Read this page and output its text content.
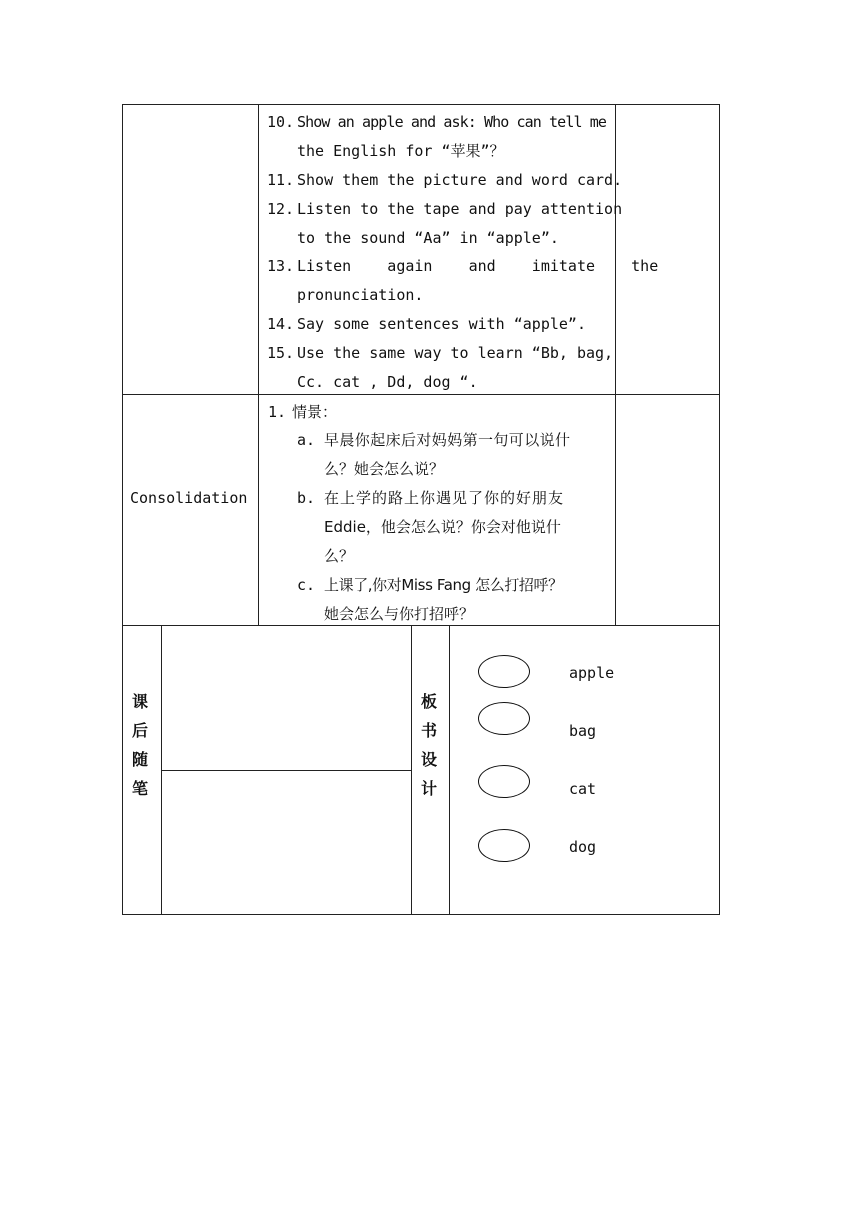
10. Show an apple and ask: Who can tell me
the English for “苹果”？
11. Show them the picture and word card.
12. Listen to the tape and pay attention
to the sound “Aa” in “apple”.
13. Listen    again    and    imitate    the
pronunciation.
14. Say some sentences with “apple”.
15. Use the same way to learn “Bb, bag,
Cc. cat , Dd, dog “.
Consolidation
1. 情景：
a. 早晨你起床后对妈妈第一句可以说什
么？她会怎么说？
b. 在上学的路上你遇见了你的好朋友
Eddie，他会怎么说？你会对他说什
么？
c. 上课了,你对Miss Fang 怎么打招呼？
她会怎么与你打招呼？
课
后
随
笔
板
书
设
计
apple
bag
cat
dog
